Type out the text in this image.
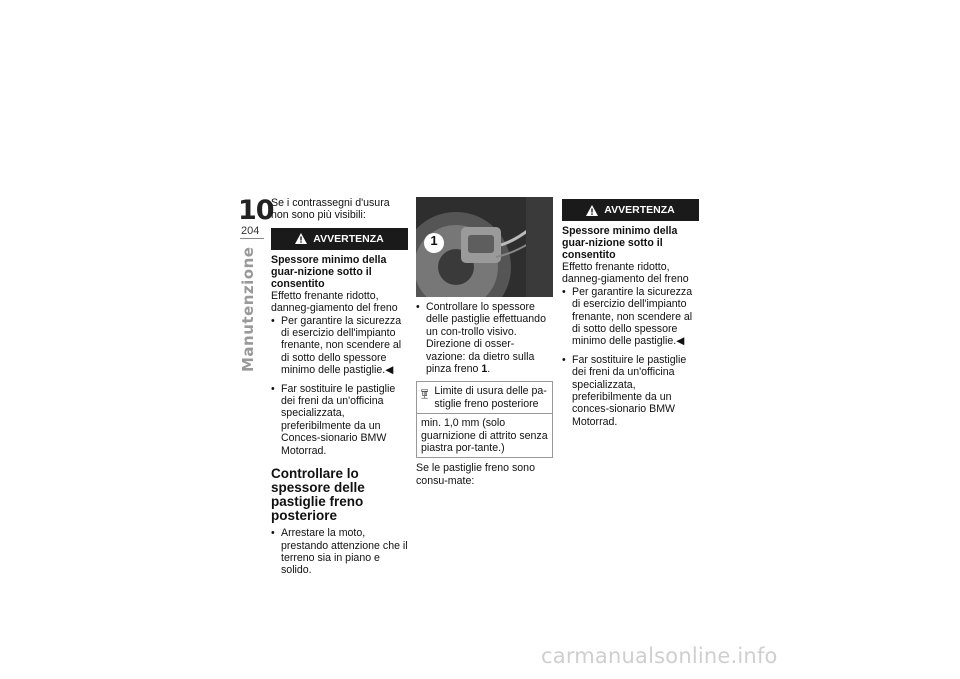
10
204
Manutenzione

Se i contrassegni d'usura non sono più visibili:

AVVERTENZA

Spessore minimo della guar-nizione sotto il consentito

Effetto frenante ridotto, danneg-giamento del freno

• Per garantire la sicurezza di esercizio dell'impianto frenante, non scendere al di sotto dello spessore minimo delle pastiglie.◀
• Far sostituire le pastiglie dei freni da un'officina specializzata, preferibilmente da un Conces-sionario BMW Motorrad.
Controllare lo spessore delle pastiglie freno posteriore
• Arrestare la moto, prestando attenzione che il terreno sia in piano e solido.
1
• Controllare lo spessore delle pastiglie effettuando un con-trollo visivo. Direzione di osser-vazione: da dietro sulla pinza freno 1.
Limite di usura delle pa-stiglie freno posteriore
min. 1,0 mm (solo guarnizione di attrito senza piastra por-tante.)

Se le pastiglie freno sono consu-mate:

AVVERTENZA

Spessore minimo della guar-nizione sotto il consentito

Effetto frenante ridotto, danneg-giamento del freno

• Per garantire la sicurezza di esercizio dell'impianto frenante, non scendere al di sotto dello spessore minimo delle pastiglie.◀
• Far sostituire le pastiglie dei freni da un'officina specializzata, preferibilmente da un conces-sionario BMW Motorrad.
carmanualsonline.info
